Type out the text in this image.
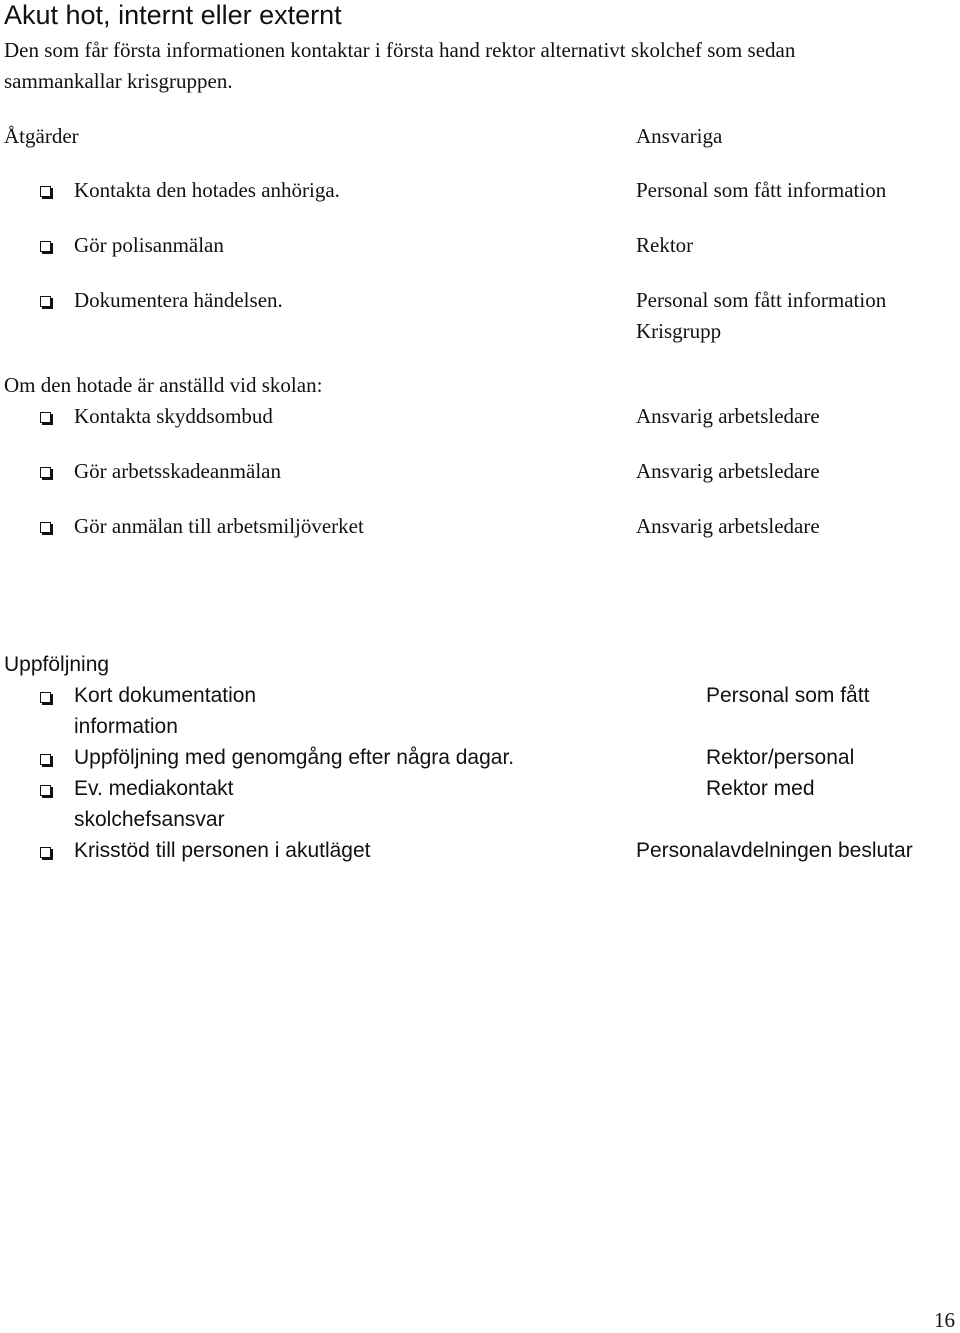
Akut hot, internt eller externt
Den som får första informationen kontaktar i första hand rektor alternativt skolchef som sedan
sammankallar krisgruppen.
Åtgärder	Ansvariga
Kontakta den hotades anhöriga.	Personal som fått information
Gör polisanmälan	Rektor
Dokumentera händelsen.	Personal som fått information
Krisgrupp
Om den hotade är anställd vid skolan:
Kontakta skyddsombud	Ansvarig arbetsledare
Gör arbetsskadeanmälan	Ansvarig arbetsledare
Gör anmälan till arbetsmiljöverket	Ansvarig arbetsledare
Uppföljning
Kort dokumentation	Personal som fått
information
Uppföljning med genomgång efter några dagar.	Rektor/personal
Ev. mediakontakt	Rektor med
skolchefsansvar
Krisstöd till personen i akutläget	Personalavdelningen beslutar
16
